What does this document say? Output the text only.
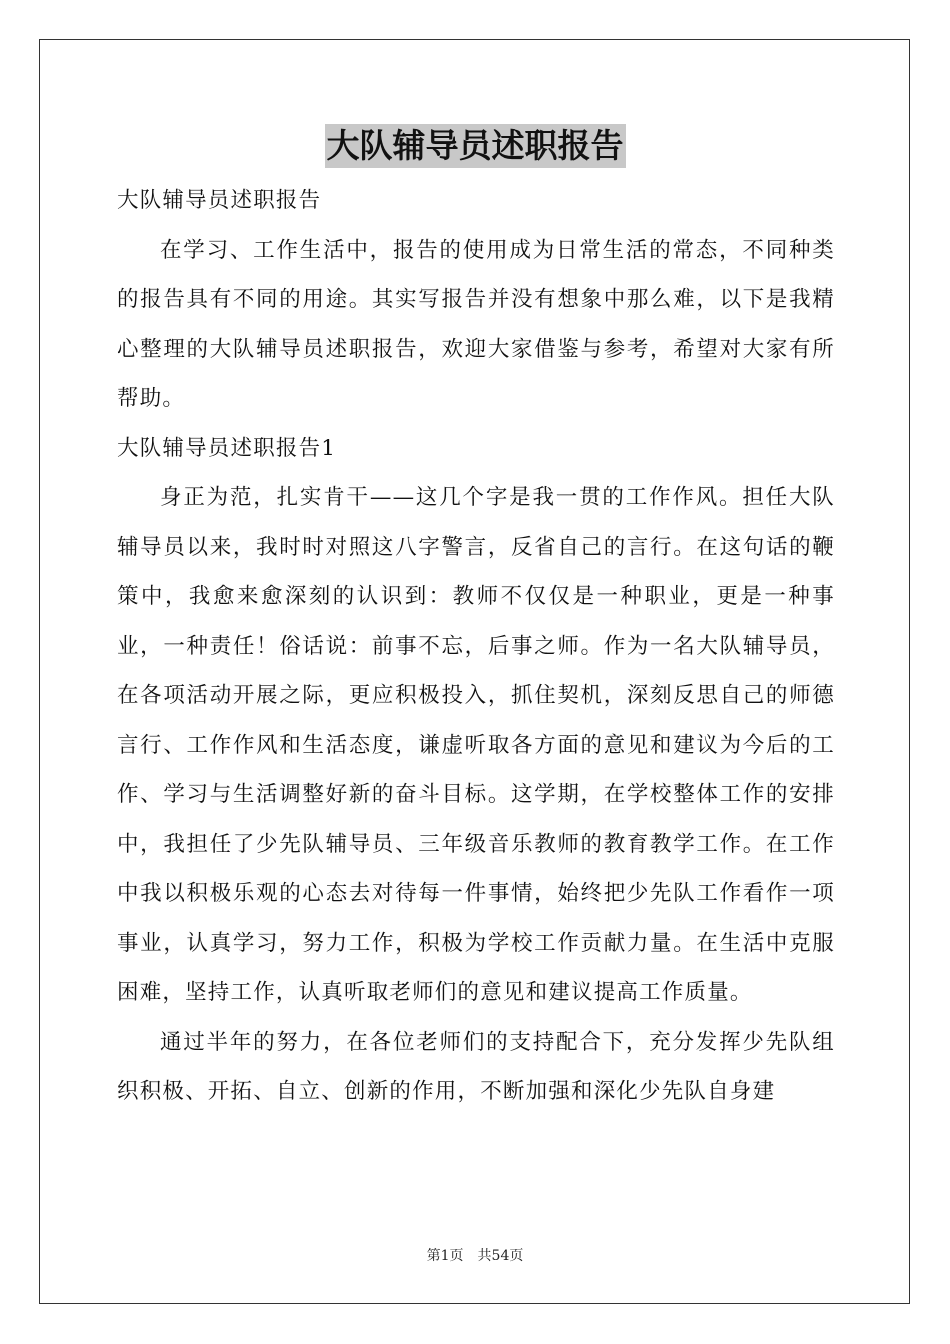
大队辅导员述职报告

大队辅导员述职报告

在学习、工作生活中，报告的使用成为日常生活的常态，不同种类的报告具有不同的用途。其实写报告并没有想象中那么难，以下是我精心整理的大队辅导员述职报告，欢迎大家借鉴与参考，希望对大家有所帮助。

大队辅导员述职报告1

身正为范，扎实肯干——这几个字是我一贯的工作作风。担任大队辅导员以来，我时时对照这八字警言，反省自己的言行。在这句话的鞭策中，我愈来愈深刻的认识到：教师不仅仅是一种职业，更是一种事业，一种责任！俗话说：前事不忘，后事之师。作为一名大队辅导员，在各项活动开展之际，更应积极投入，抓住契机，深刻反思自己的师德言行、工作作风和生活态度，谦虚听取各方面的意见和建议为今后的工作、学习与生活调整好新的奋斗目标。这学期，在学校整体工作的安排中，我担任了少先队辅导员、三年级音乐教师的教育教学工作。在工作中我以积极乐观的心态去对待每一件事情，始终把少先队工作看作一项事业，认真学习，努力工作，积极为学校工作贡献力量。在生活中克服困难，坚持工作，认真听取老师们的意见和建议提高工作质量。

通过半年的努力，在各位老师们的支持配合下，充分发挥少先队组织积极、开拓、自立、创新的作用，不断加强和深化少先队自身建

第1页 共54页
